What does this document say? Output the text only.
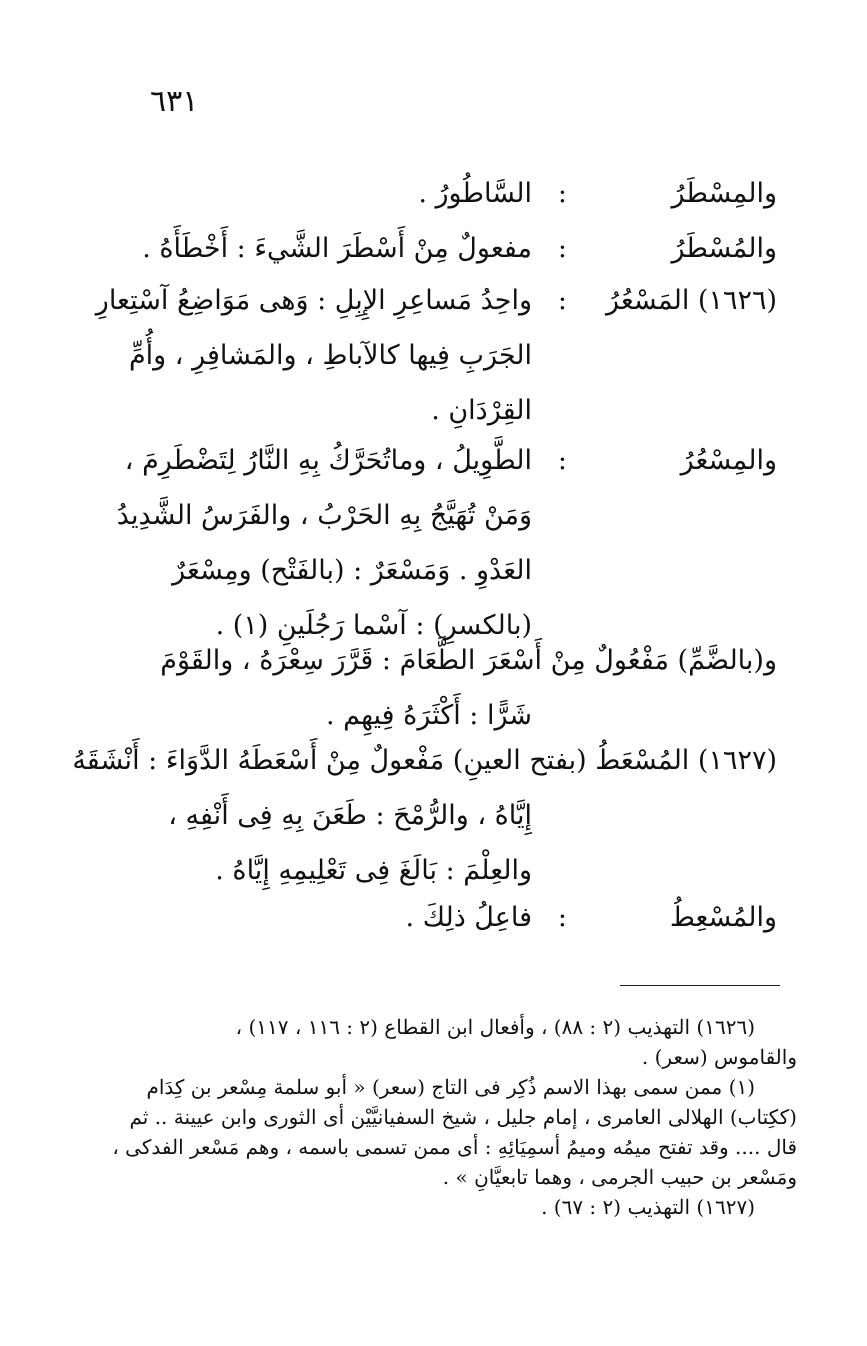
٦٣١
والمِسْطَرُ
:
السَّاطُورُ .
والمُسْطَرُ
:
مفعولٌ مِنْ أَسْطَرَ الشَّيءَ : أَخْطَأَهُ .
(١٦٢٦) المَسْعُرُ
:
واحِدُ مَساعِرِ الإِبِلِ : وَهى مَوَاضِعُ آسْتِعارِ
الجَرَبِ فِيها كالآباطِ ، والمَشافِرِ ، وأُمِّ
القِرْدَانِ .
والمِسْعُرُ
:
الطَّوِيلُ ، وماتُحَرَّكُ بِهِ النَّارُ لِتَضْطَرِمَ ،
وَمَنْ تُهَيَّجُ بِهِ الحَرْبُ ، والفَرَسُ الشَّدِيدُ
العَدْوِ . وَمَسْعَرٌ : (بالفَتْح) ومِسْعَرٌ
(بالكسرِ) : آسْما رَجُلَينِ (١) .
و(بالضَّمِّ) مَفْعُولٌ مِنْ أَسْعَرَ الطَّعَامَ : قَرَّرَ سِعْرَهُ ، والقَوْمَ
شَرًّا : أَكْثَرَهُ فِيهِم .
(١٦٢٧) المُسْعَطُ (بفتح العينِ) مَفْعولٌ مِنْ أَسْعَطَهُ الدَّوَاءَ : أَنْشَقَهُ
إِيَّاهُ ، والرُّمْحَ : طَعَنَ بِهِ فِى أَنْفِهِ ،
والعِلْمَ : بَالَغَ فِى تَعْلِيمِهِ إِيَّاهُ .
والمُسْعِطُ
:
فاعِلُ ذلِكَ .
(١٦٢٦) التهذيب (٢ : ٨٨) ، وأفعال ابن القطاع (٢ : ١١٦ ، ١١٧) ،
والقاموس (سعر) .
(١) ممن سمى بهذا الاسم ذُكِر فى التاج (سعر) « أبو سلمة مِسْعر بن كِدَام
(ككِتاب) الهلالى العامرى ، إمام جليل ، شيخ السفيانيَّيْن أى الثورى وابن عيينة .. ثم
قال .... وقد تفتح ميمُه وميمُ أسمِيَائِهِ : أى ممن تسمى باسمه ، وهم مَسْعر الفدكى ،
ومَسْعر بن حبيب الجرمى ، وهما تابعيَّانِ » .
(١٦٢٧) التهذيب (٢ : ٦٧) .
